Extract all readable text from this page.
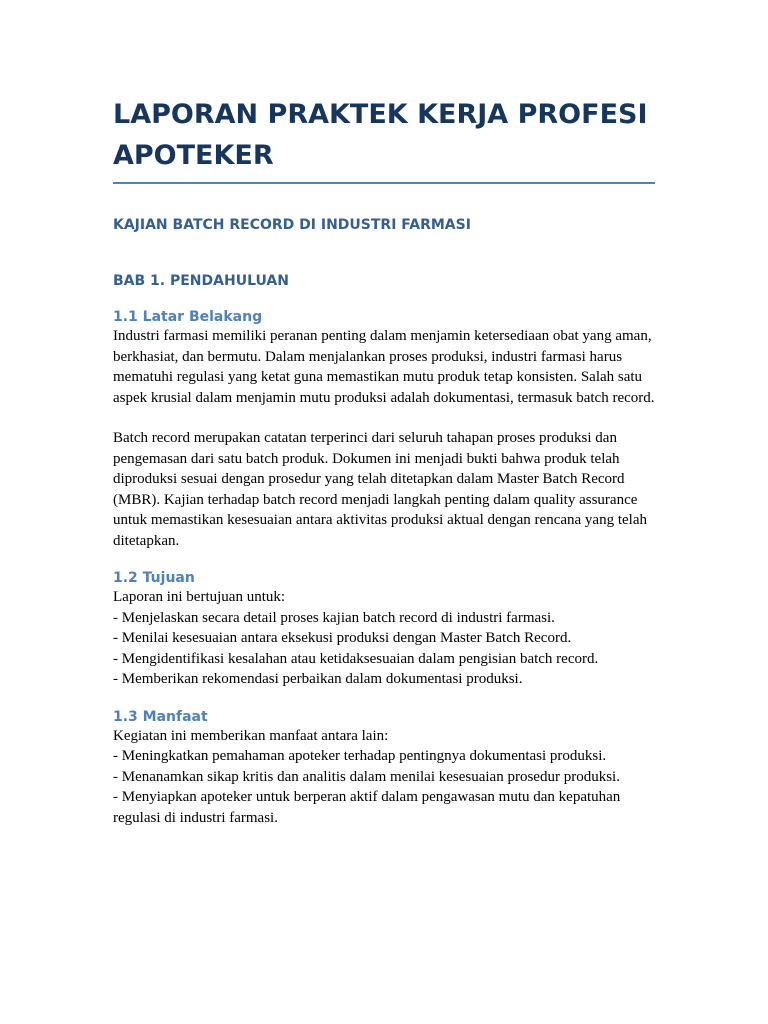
LAPORAN PRAKTEK KERJA PROFESI APOTEKER
KAJIAN BATCH RECORD DI INDUSTRI FARMASI
BAB 1. PENDAHULUAN
1.1 Latar Belakang

Industri farmasi memiliki peranan penting dalam menjamin ketersediaan obat yang aman, berkhasiat, dan bermutu. Dalam menjalankan proses produksi, industri farmasi harus mematuhi regulasi yang ketat guna memastikan mutu produk tetap konsisten. Salah satu aspek krusial dalam menjamin mutu produksi adalah dokumentasi, termasuk batch record.

Batch record merupakan catatan terperinci dari seluruh tahapan proses produksi dan pengemasan dari satu batch produk. Dokumen ini menjadi bukti bahwa produk telah diproduksi sesuai dengan prosedur yang telah ditetapkan dalam Master Batch Record (MBR). Kajian terhadap batch record menjadi langkah penting dalam quality assurance untuk memastikan kesesuaian antara aktivitas produksi aktual dengan rencana yang telah ditetapkan.

1.2 Tujuan

Laporan ini bertujuan untuk:

- Menjelaskan secara detail proses kajian batch record di industri farmasi.

- Menilai kesesuaian antara eksekusi produksi dengan Master Batch Record.

- Mengidentifikasi kesalahan atau ketidaksesuaian dalam pengisian batch record.

- Memberikan rekomendasi perbaikan dalam dokumentasi produksi.

1.3 Manfaat

Kegiatan ini memberikan manfaat antara lain:

- Meningkatkan pemahaman apoteker terhadap pentingnya dokumentasi produksi.

- Menanamkan sikap kritis dan analitis dalam menilai kesesuaian prosedur produksi.

- Menyiapkan apoteker untuk berperan aktif dalam pengawasan mutu dan kepatuhan regulasi di industri farmasi.
